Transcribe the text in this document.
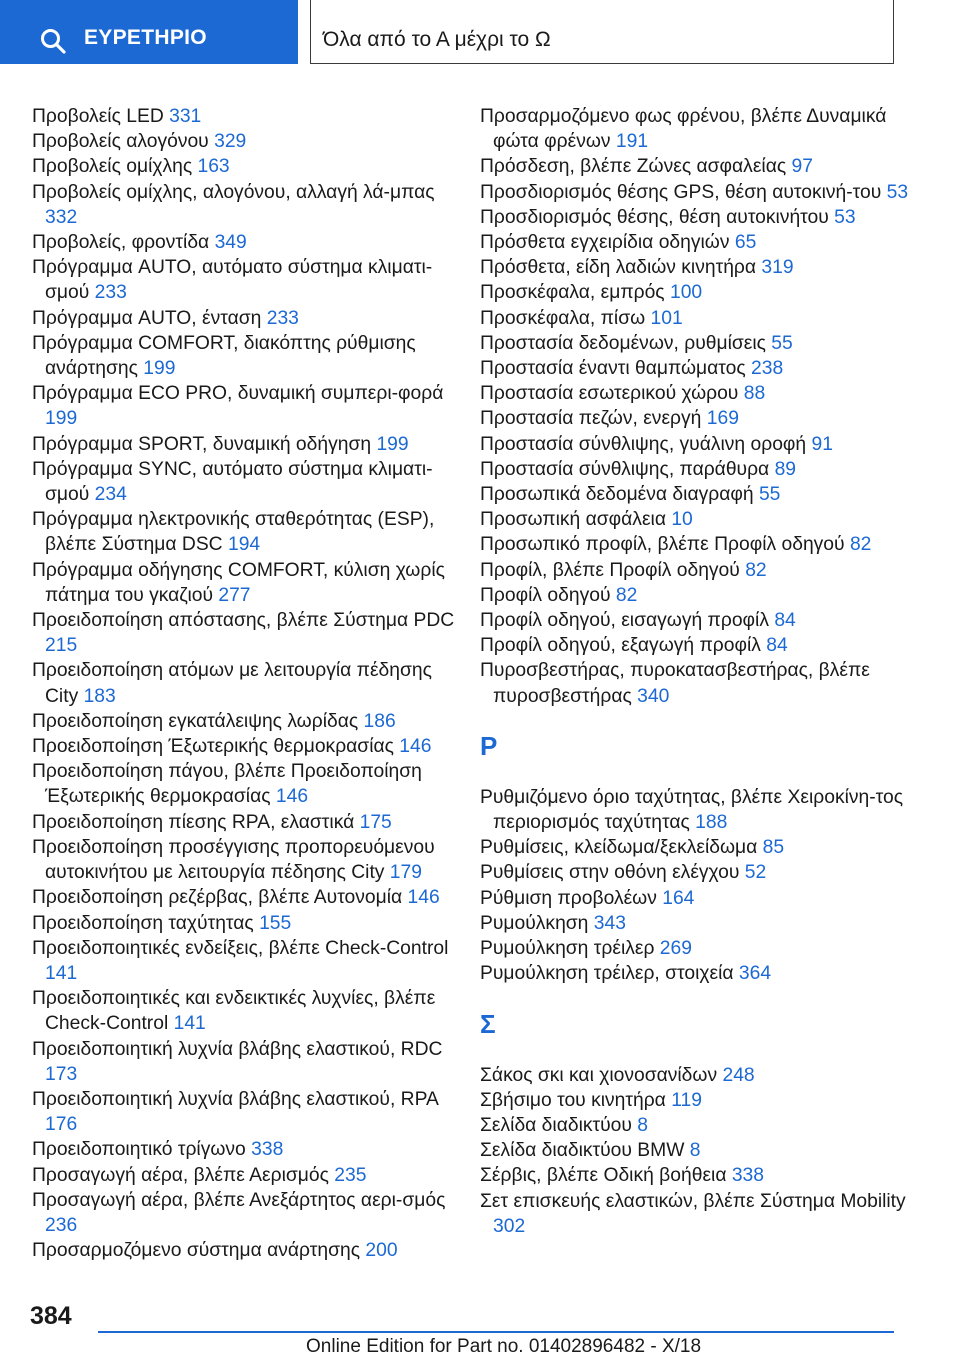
ΕΥΡΕΤΗΡΙΟ	Όλα από το Α μέχρι το Ω
Προβολείς LED 331
Προβολείς αλογόνου 329
Προβολείς ομίχλης 163
Προβολείς ομίχλης, αλογόνου, αλλαγή λά-μπας 332
Προβολείς, φροντίδα 349
Πρόγραμμα AUTO, αυτόματο σύστημα κλιματι-σμού 233
Πρόγραμμα AUTO, ένταση 233
Πρόγραμμα COMFORT, διακόπτης ρύθμισης ανάρτησης 199
Πρόγραμμα ECO PRO, δυναμική συμπερι-φορά 199
Πρόγραμμα SPORT, δυναμική οδήγηση 199
Πρόγραμμα SYNC, αυτόματο σύστημα κλιματι-σμού 234
Πρόγραμμα ηλεκτρονικής σταθερότητας (ESP), βλέπε Σύστημα DSC 194
Πρόγραμμα οδήγησης COMFORT, κύλιση χωρίς πάτημα του γκαζιού 277
Προειδοποίηση απόστασης, βλέπε Σύστημα PDC 215
Προειδοποίηση ατόμων με λειτουργία πέδησης City 183
Προειδοποίηση εγκατάλειψης λωρίδας 186
Προειδοποίηση Έξωτερικής θερμοκρασίας 146
Προειδοποίηση πάγου, βλέπε Προειδοποίηση Έξωτερικής θερμοκρασίας 146
Προειδοποίηση πίεσης RPA, ελαστικά 175
Προειδοποίηση προσέγγισης προπορευόμενου αυτοκινήτου με λειτουργία πέδησης City 179
Προειδοποίηση ρεζέρβας, βλέπε Αυτονομία 146
Προειδοποίηση ταχύτητας 155
Προειδοποιητικές ενδείξεις, βλέπε Check-Control 141
Προειδοποιητικές και ενδεικτικές λυχνίες, βλέπε Check-Control 141
Προειδοποιητική λυχνία βλάβης ελαστικού, RDC 173
Προειδοποιητική λυχνία βλάβης ελαστικού, RPA 176
Προειδοποιητικό τρίγωνο 338
Προσαγωγή αέρα, βλέπε Αερισμός 235
Προσαγωγή αέρα, βλέπε Ανεξάρτητος αερι-σμός 236
Προσαρμοζόμενο σύστημα ανάρτησης 200
Προσαρμοζόμενο φως φρένου, βλέπε Δυναμικά φώτα φρένων 191
Πρόσδεση, βλέπε Ζώνες ασφαλείας 97
Προσδιορισμός θέσης GPS, θέση αυτοκινή-του 53
Προσδιορισμός θέσης, θέση αυτοκινήτου 53
Πρόσθετα εγχειρίδια οδηγιών 65
Πρόσθετα, είδη λαδιών κινητήρα 319
Προσκέφαλα, εμπρός 100
Προσκέφαλα, πίσω 101
Προστασία δεδομένων, ρυθμίσεις 55
Προστασία έναντι θαμπώματος 238
Προστασία εσωτερικού χώρου 88
Προστασία πεζών, ενεργή 169
Προστασία σύνθλιψης, γυάλινη οροφή 91
Προστασία σύνθλιψης, παράθυρα 89
Προσωπικά δεδομένα διαγραφή 55
Προσωπική ασφάλεια 10
Προσωπικό προφίλ, βλέπε Προφίλ οδηγού 82
Προφίλ, βλέπε Προφίλ οδηγού 82
Προφίλ οδηγού 82
Προφίλ οδηγού, εισαγωγή προφίλ 84
Προφίλ οδηγού, εξαγωγή προφίλ 84
Πυροσβεστήρας, πυροκατασβεστήρας, βλέπε πυροσβεστήρας 340
Ρ
Ρυθμιζόμενο όριο ταχύτητας, βλέπε Χειροκίνη-τος περιορισμός ταχύτητας 188
Ρυθμίσεις, κλείδωμα/ξεκλείδωμα 85
Ρυθμίσεις στην οθόνη ελέγχου 52
Ρύθμιση προβολέων 164
Ρυμούλκηση 343
Ρυμούλκηση τρέιλερ 269
Ρυμούλκηση τρέιλερ, στοιχεία 364
Σ
Σάκος σκι και χιονοσανίδων 248
Σβήσιμο του κινητήρα 119
Σελίδα διαδικτύου 8
Σελίδα διαδικτύου BMW 8
Σέρβις, βλέπε Οδική βοήθεια 338
Σετ επισκευής ελαστικών, βλέπε Σύστημα Mobility 302
384
Online Edition for Part no. 01402896482 - X/18
